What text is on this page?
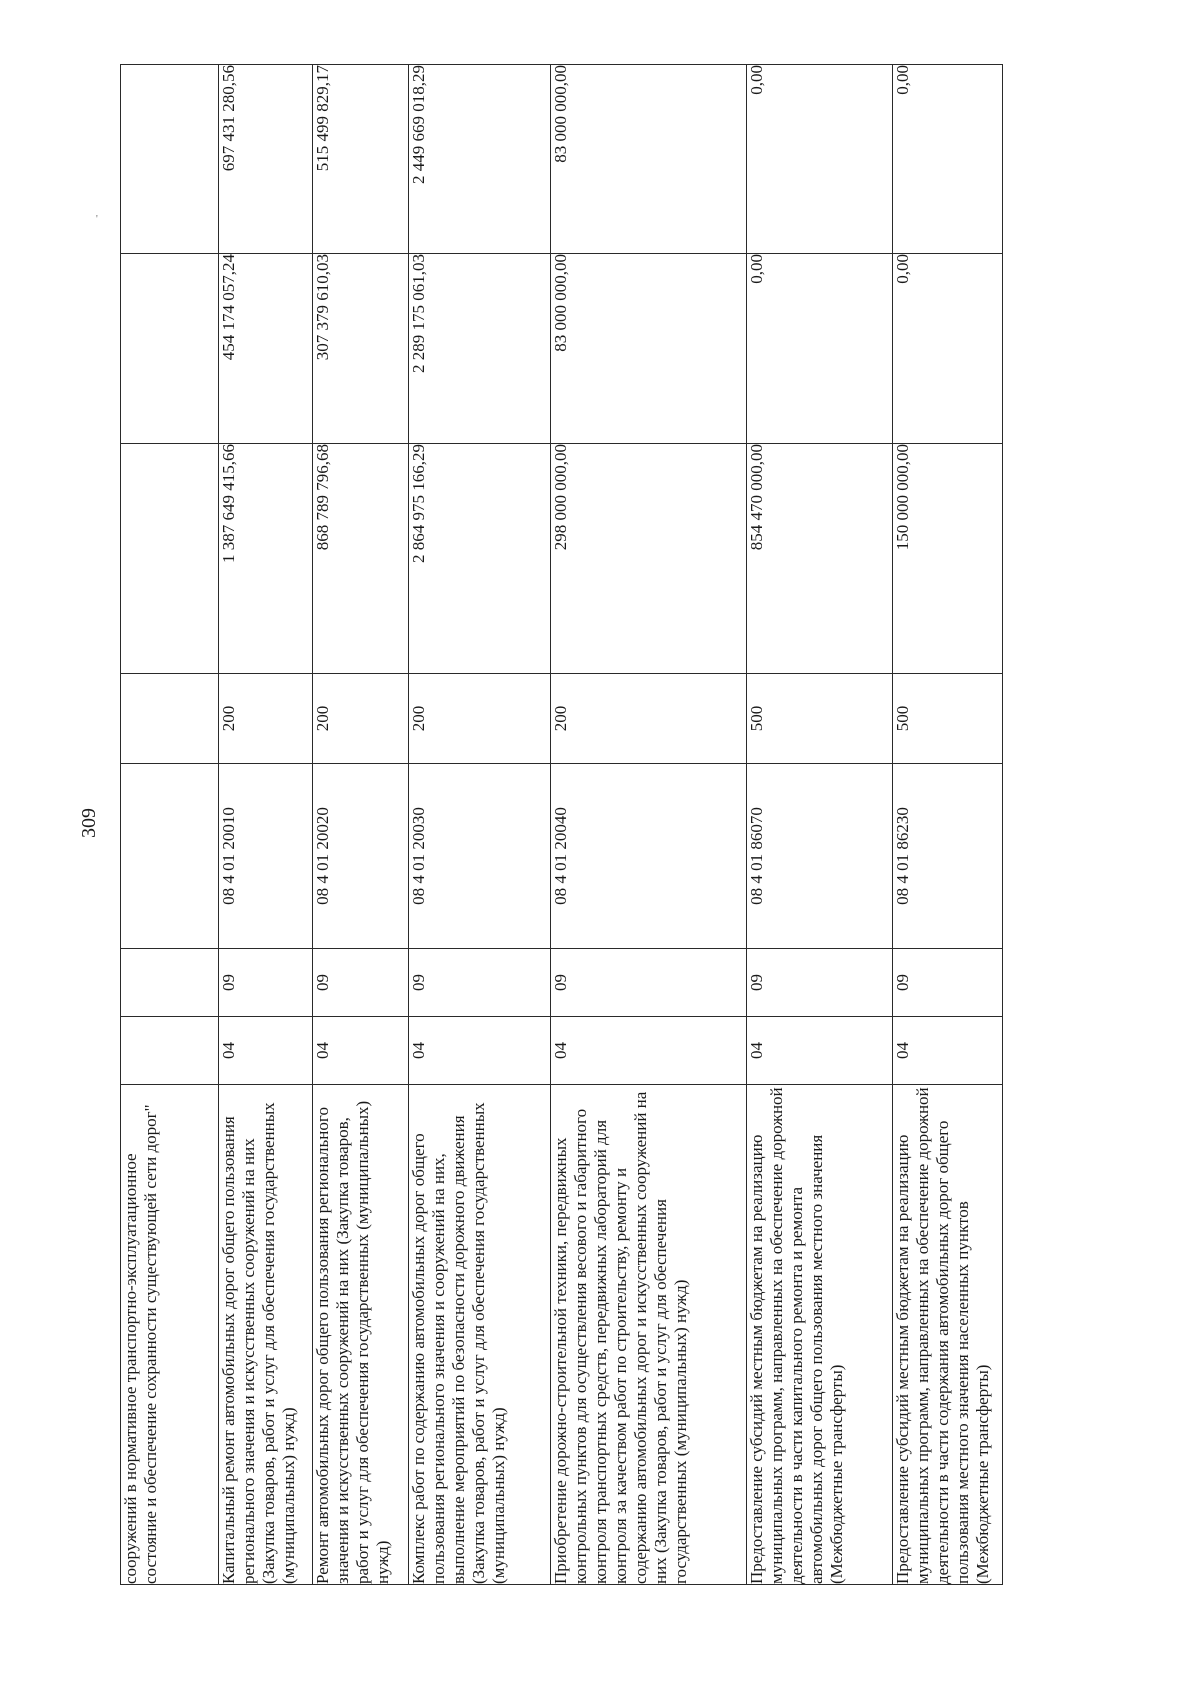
309
'
сооружений в нормативное транспортно-эксплуатационное состояние и обеспечение сохранности существующей сети дорог"							
Капитальный ремонт автомобильных дорог общего пользования регионального значения и искусственных сооружений на них (Закупка товаров, работ и услуг для обеспечения государственных (муниципальных) нужд)	04	09	08 4 01 20010	200	1 387 649 415,66	454 174 057,24	697 431 280,56
Ремонт автомобильных дорог общего пользования регионального значения и искусственных сооружений на них (Закупка товаров, работ и услуг для обеспечения государственных (муниципальных) нужд)	04	09	08 4 01 20020	200	868 789 796,68	307 379 610,03	515 499 829,17
Комплекс работ по содержанию автомобильных дорог общего пользования регионального значения и сооружений на них, выполнение мероприятий по безопасности дорожного движения (Закупка товаров, работ и услуг для обеспечения государственных (муниципальных) нужд)	04	09	08 4 01 20030	200	2 864 975 166,29	2 289 175 061,03	2 449 669 018,29
Приобретение дорожно-строительной техники, передвижных контрольных пунктов для осуществления весового и габаритного контроля транспортных средств, передвижных лабораторий для контроля за качеством работ по строительству, ремонту и содержанию автомобильных дорог и искусственных сооружений на них (Закупка товаров, работ и услуг для обеспечения государственных (муниципальных) нужд)	04	09	08 4 01 20040	200	298 000 000,00	83 000 000,00	83 000 000,00
Предоставление субсидий местным бюджетам на реализацию муниципальных программ, направленных на обеспечение дорожной деятельности в части капитального ремонта и ремонта автомобильных дорог общего пользования местного значения (Межбюджетные трансферты)	04	09	08 4 01 86070	500	854 470 000,00	0,00	0,00
Предоставление субсидий местным бюджетам на реализацию муниципальных программ, направленных на обеспечение дорожной деятельности в части содержания автомобильных дорог общего пользования местного значения населенных пунктов (Межбюджетные трансферты)	04	09	08 4 01 86230	500	150 000 000,00	0,00	0,00
